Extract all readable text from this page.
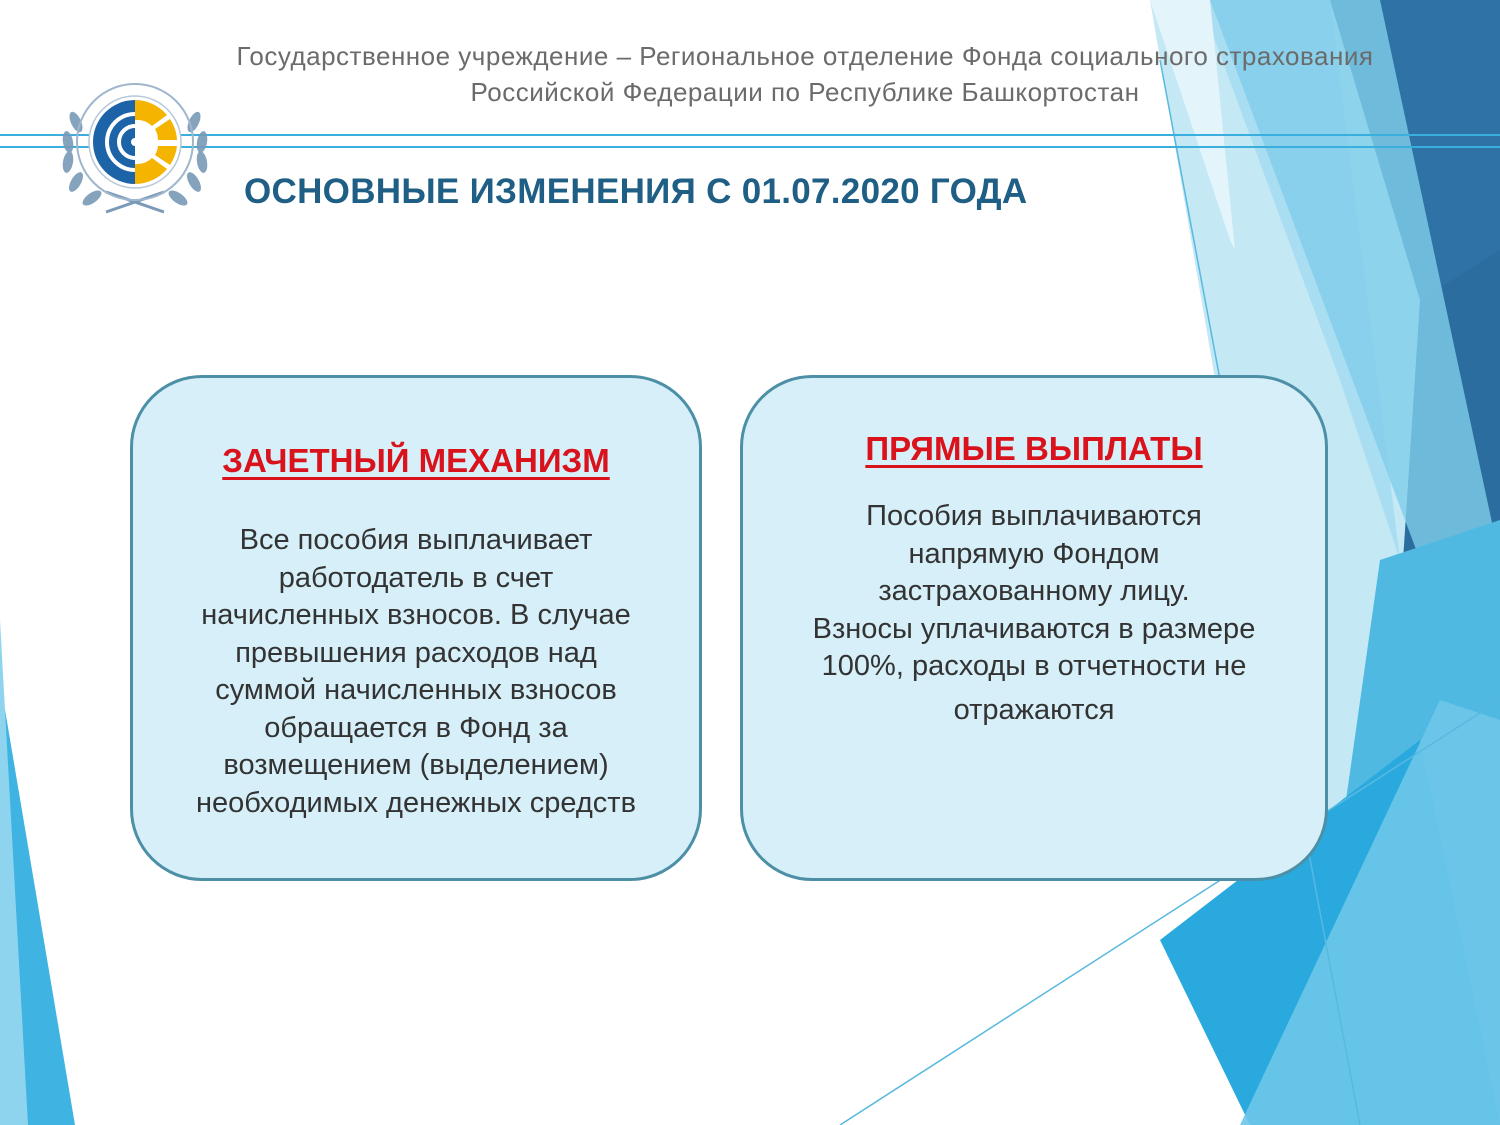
Государственное учреждение – Региональное отделение Фонда социального страхования
Российской Федерации по Республике Башкортостан
ОСНОВНЫЕ ИЗМЕНЕНИЯ С 01.07.2020 ГОДА
ЗАЧЕТНЫЙ МЕХАНИЗМ
Все пособия выплачивает
работодатель в счет
начисленных взносов. В случае
превышения расходов над
суммой начисленных взносов
обращается в Фонд за
возмещением (выделением)
необходимых денежных средств
ПРЯМЫЕ ВЫПЛАТЫ
Пособия выплачиваются
напрямую Фондом
застрахованному лицу.
Взносы уплачиваются в размере
100%, расходы в отчетности не
отражаются
